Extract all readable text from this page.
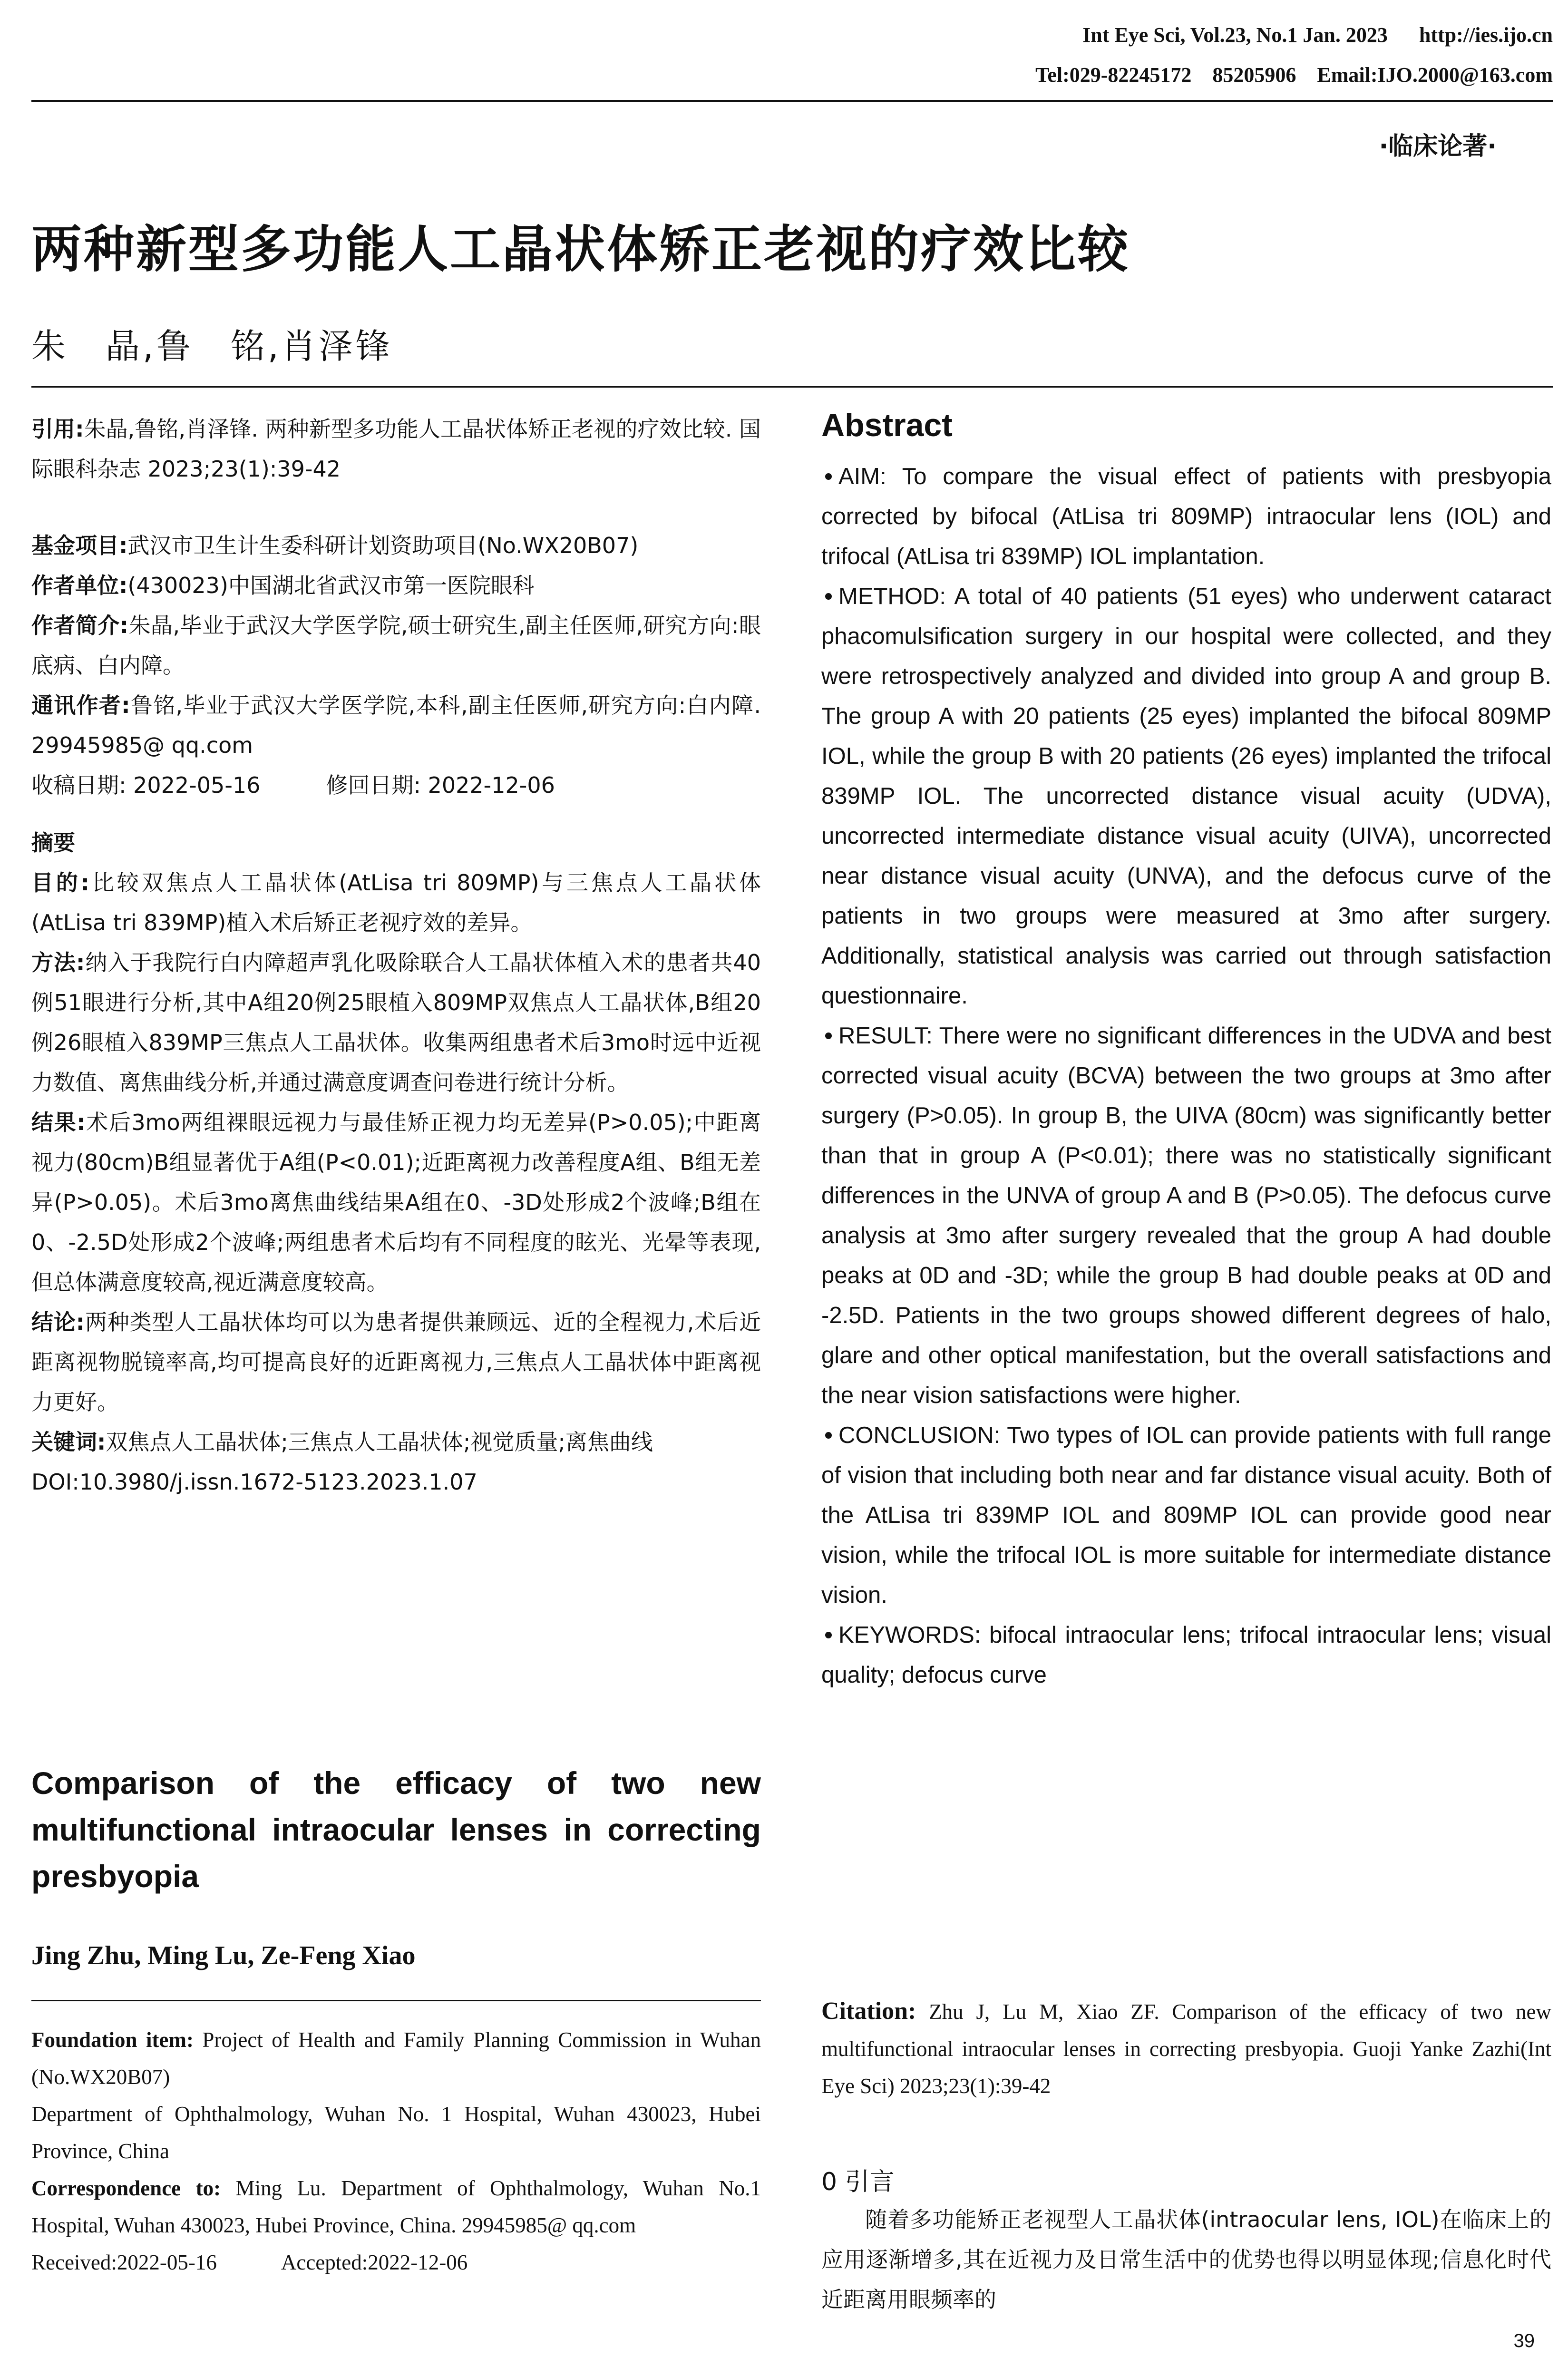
Int Eye Sci, Vol.23, No.1 Jan. 2023      http://ies.ijo.cn
Tel:029-82245172    85205906    Email:IJO.2000@163.com
·临床论著·
两种新型多功能人工晶状体矫正老视的疗效比较
朱　晶,鲁　铭,肖泽锋
引用:朱晶,鲁铭,肖泽锋. 两种新型多功能人工晶状体矫正老视的疗效比较. 国际眼科杂志 2023;23(1):39-42
基金项目:武汉市卫生计生委科研计划资助项目(No.WX20B07)
作者单位:(430023)中国湖北省武汉市第一医院眼科
作者简介:朱晶,毕业于武汉大学医学院,硕士研究生,副主任医师,研究方向:眼底病、白内障。
通讯作者:鲁铭,毕业于武汉大学医学院,本科,副主任医师,研究方向:白内障. 29945985@ qq.com
收稿日期: 2022-05-16　　　修回日期: 2022-12-06
摘要
目的:比较双焦点人工晶状体(AtLisa tri 809MP)与三焦点人工晶状体(AtLisa tri 839MP)植入术后矫正老视疗效的差异。
方法:纳入于我院行白内障超声乳化吸除联合人工晶状体植入术的患者共40例51眼进行分析,其中A组20例25眼植入809MP双焦点人工晶状体,B组20例26眼植入839MP三焦点人工晶状体。收集两组患者术后3mo时远中近视力数值、离焦曲线分析,并通过满意度调查问卷进行统计分析。
结果:术后3mo两组裸眼远视力与最佳矫正视力均无差异(P>0.05);中距离视力(80cm)B组显著优于A组(P<0.01);近距离视力改善程度A组、B组无差异(P>0.05)。术后3mo离焦曲线结果A组在0、-3D处形成2个波峰;B组在0、-2.5D处形成2个波峰;两组患者术后均有不同程度的眩光、光晕等表现,但总体满意度较高,视近满意度较高。
结论:两种类型人工晶状体均可以为患者提供兼顾远、近的全程视力,术后近距离视物脱镜率高,均可提高良好的近距离视力,三焦点人工晶状体中距离视力更好。
关键词:双焦点人工晶状体;三焦点人工晶状体;视觉质量;离焦曲线
DOI:10.3980/j.issn.1672-5123.2023.1.07
Comparison of the efficacy of two new multifunctional intraocular lenses in correcting presbyopia
Jing Zhu, Ming Lu, Ze-Feng Xiao
Foundation item: Project of Health and Family Planning Commission in Wuhan (No.WX20B07)
Department of Ophthalmology, Wuhan No. 1 Hospital, Wuhan 430023, Hubei Province, China
Correspondence to: Ming Lu. Department of Ophthalmology, Wuhan No.1 Hospital, Wuhan 430023, Hubei Province, China. 29945985@ qq.com
Received:2022-05-16　　　Accepted:2022-12-06
Abstract
AIM: To compare the visual effect of patients with presbyopia corrected by bifocal (AtLisa tri 809MP) intraocular lens (IOL) and trifocal (AtLisa tri 839MP) IOL implantation.
METHOD: A total of 40 patients (51 eyes) who underwent cataract phacomulsification surgery in our hospital were collected, and they were retrospectively analyzed and divided into group A and group B. The group A with 20 patients (25 eyes) implanted the bifocal 809MP IOL, while the group B with 20 patients (26 eyes) implanted the trifocal 839MP IOL. The uncorrected distance visual acuity (UDVA), uncorrected intermediate distance visual acuity (UIVA), uncorrected near distance visual acuity (UNVA), and the defocus curve of the patients in two groups were measured at 3mo after surgery. Additionally, statistical analysis was carried out through satisfaction questionnaire.
RESULT: There were no significant differences in the UDVA and best corrected visual acuity (BCVA) between the two groups at 3mo after surgery (P>0.05). In group B, the UIVA (80cm) was significantly better than that in group A (P<0.01); there was no statistically significant differences in the UNVA of group A and B (P>0.05). The defocus curve analysis at 3mo after surgery revealed that the group A had double peaks at 0D and -3D; while the group B had double peaks at 0D and -2.5D. Patients in the two groups showed different degrees of halo, glare and other optical manifestation, but the overall satisfactions and the near vision satisfactions were higher.
CONCLUSION: Two types of IOL can provide patients with full range of vision that including both near and far distance visual acuity. Both of the AtLisa tri 839MP IOL and 809MP IOL can provide good near vision, while the trifocal IOL is more suitable for intermediate distance vision.
KEYWORDS: bifocal intraocular lens; trifocal intraocular lens; visual quality; defocus curve
Citation: Zhu J, Lu M, Xiao ZF. Comparison of the efficacy of two new multifunctional intraocular lenses in correcting presbyopia. Guoji Yanke Zazhi(Int Eye Sci) 2023;23(1):39-42
0 引言
随着多功能矫正老视型人工晶状体(intraocular lens, IOL)在临床上的应用逐渐增多,其在近视力及日常生活中的优势也得以明显体现;信息化时代近距离用眼频率的
39
